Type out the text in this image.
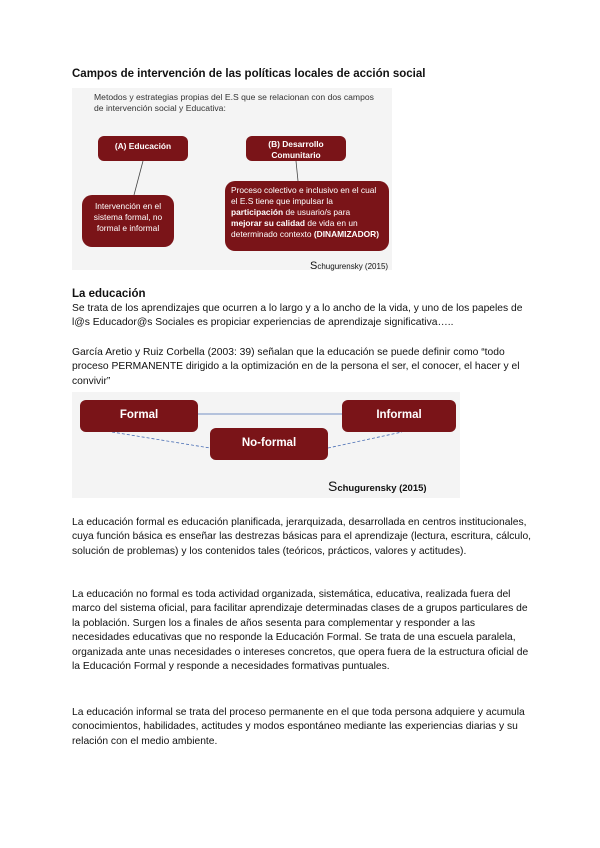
Campos de intervención de las políticas locales de acción social
Metodos y estrategias propias del E.S que se relacionan con dos campos de intervención social y Educativa:
(A) Educación	(B) Desarrollo Comunitario
Intervención en el sistema formal, no formal e informal
Proceso colectivo e inclusivo en el cual el E.S tiene que impulsar la participación de usuario/s para mejorar su calidad de vida en un determinado contexto (DINAMIZADOR)
Schugurensky (2015)
La educación
Se trata de los aprendizajes que ocurren a lo largo y a lo ancho de la vida, y uno de los papeles de l@s Educador@s Sociales es propiciar experiencias de aprendizaje significativa…..
García Aretio y Ruiz Corbella (2003: 39) señalan que la educación se puede definir como “todo proceso PERMANENTE dirigido a la optimización en de la persona el ser, el conocer, el hacer y el convivir”
Formal	Informal
No-formal
Schugurensky (2015)
La educación formal es educación planificada, jerarquizada, desarrollada en centros institucionales, cuya función básica es enseñar las destrezas básicas para el aprendizaje (lectura, escritura, cálculo, solución de problemas) y los contenidos tales (teóricos, prácticos, valores y actitudes).
La educación no formal es toda actividad organizada, sistemática, educativa, realizada fuera del marco del sistema oficial, para facilitar aprendizaje determinadas clases de a grupos particulares de la población. Surgen los a finales de años sesenta para complementar y responder a las necesidades educativas que no responde la Educación Formal. Se trata de una escuela paralela, organizada ante unas necesidades o intereses concretos, que opera fuera de la estructura oficial de la Educación Formal y responde a necesidades formativas puntuales.
La educación informal se trata del proceso permanente en el que toda persona adquiere y acumula conocimientos, habilidades, actitudes y modos espontáneo mediante las experiencias diarias y su relación con el medio ambiente.
